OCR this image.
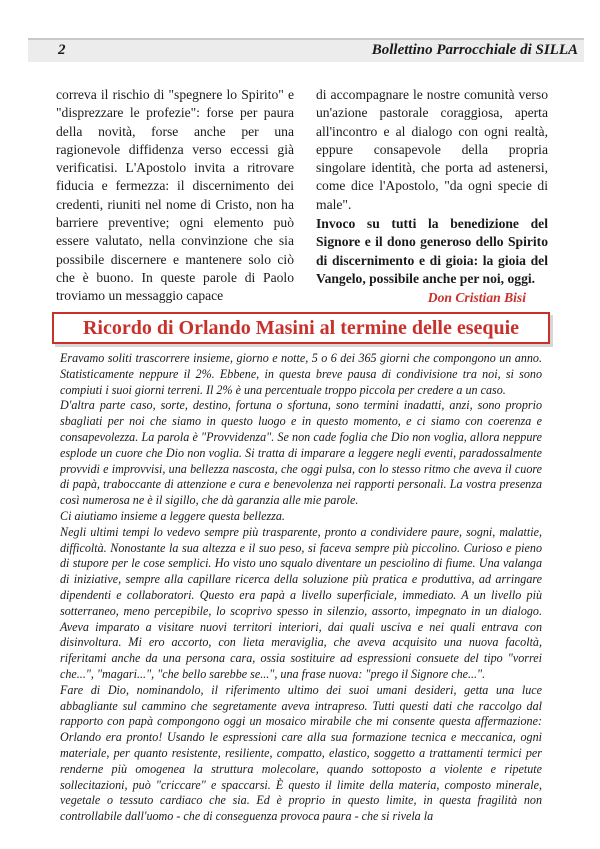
2	Bollettino Parrocchiale di SILLA

correva il rischio di "spegnere lo Spirito" e "disprezzare le profezie": forse per paura della novità, forse anche per una ragionevole diffidenza verso eccessi già verificatisi. L'Apostolo invita a ritrovare fiducia e fermezza: il discernimento dei credenti, riuniti nel nome di Cristo, non ha barriere preventive; ogni elemento può essere valutato, nella convinzione che sia possibile discernere e mantenere solo ciò che è buono. In queste parole di Paolo troviamo un messaggio capace

di accompagnare le nostre comunità verso un'azione pastorale coraggiosa, aperta all'incontro e al dialogo con ogni realtà, eppure consapevole della propria singolare identità, che porta ad astenersi, come dice l'Apostolo, "da ogni specie di male".

Invoco su tutti la benedizione del Signore e il dono generoso dello Spirito di discernimento e di gioia: la gioia del Vangelo, possibile anche per noi, oggi.

Don Cristian Bisi

Ricordo di Orlando Masini al termine delle esequie

Eravamo soliti trascorrere insieme, giorno e notte, 5 o 6 dei 365 giorni che compongono un anno. Statisticamente neppure il 2%. Ebbene, in questa breve pausa di condivisione tra noi, si sono compiuti i suoi giorni terreni. Il 2% è una percentuale troppo piccola per credere a un caso.

D'altra parte caso, sorte, destino, fortuna o sfortuna, sono termini inadatti, anzi, sono proprio sbagliati per noi che siamo in questo luogo e in questo momento, e ci siamo con coerenza e consapevolezza. La parola è "Provvidenza". Se non cade foglia che Dio non voglia, allora neppure esplode un cuore che Dio non voglia. Si tratta di imparare a leggere negli eventi, paradossalmente provvidi e improvvisi, una bellezza nascosta, che oggi pulsa, con lo stesso ritmo che aveva il cuore di papà, traboccante di attenzione e cura e benevolenza nei rapporti personali. La vostra presenza così numerosa ne è il sigillo, che dà garanzia alle mie parole.

Ci aiutiamo insieme a leggere questa bellezza.

Negli ultimi tempi lo vedevo sempre più trasparente, pronto a condividere paure, sogni, malattie, difficoltà. Nonostante la sua altezza e il suo peso, si faceva sempre più piccolino. Curioso e pieno di stupore per le cose semplici. Ho visto uno squalo diventare un pesciolino di fiume. Una valanga di iniziative, sempre alla capillare ricerca della soluzione più pratica e produttiva, ad arringare dipendenti e collaboratori. Questo era papà a livello superficiale, immediato. A un livello più sotterraneo, meno percepibile, lo scoprivo spesso in silenzio, assorto, impegnato in un dialogo. Aveva imparato a visitare nuovi territori interiori, dai quali usciva e nei quali entrava con disinvoltura. Mi ero accorto, con lieta meraviglia, che aveva acquisito una nuova facoltà, riferitami anche da una persona cara, ossia sostituire ad espressioni consuete del tipo "vorrei che...", "magari...", "che bello sarebbe se...", una frase nuova: "prego il Signore che...".

Fare di Dio, nominandolo, il riferimento ultimo dei suoi umani desideri, getta una luce abbagliante sul cammino che segretamente aveva intrapreso. Tutti questi dati che raccolgo dal rapporto con papà compongono oggi un mosaico mirabile che mi consente questa affermazione: Orlando era pronto! Usando le espressioni care alla sua formazione tecnica e meccanica, ogni materiale, per quanto resistente, resiliente, compatto, elastico, soggetto a trattamenti termici per renderne più omogenea la struttura molecolare, quando sottoposto a violente e ripetute sollecitazioni, può "criccare" e spaccarsi. È questo il limite della materia, composto minerale, vegetale o tessuto cardiaco che sia. Ed è proprio in questo limite, in questa fragilità non controllabile dall'uomo - che di conseguenza provoca paura - che si rivela la
